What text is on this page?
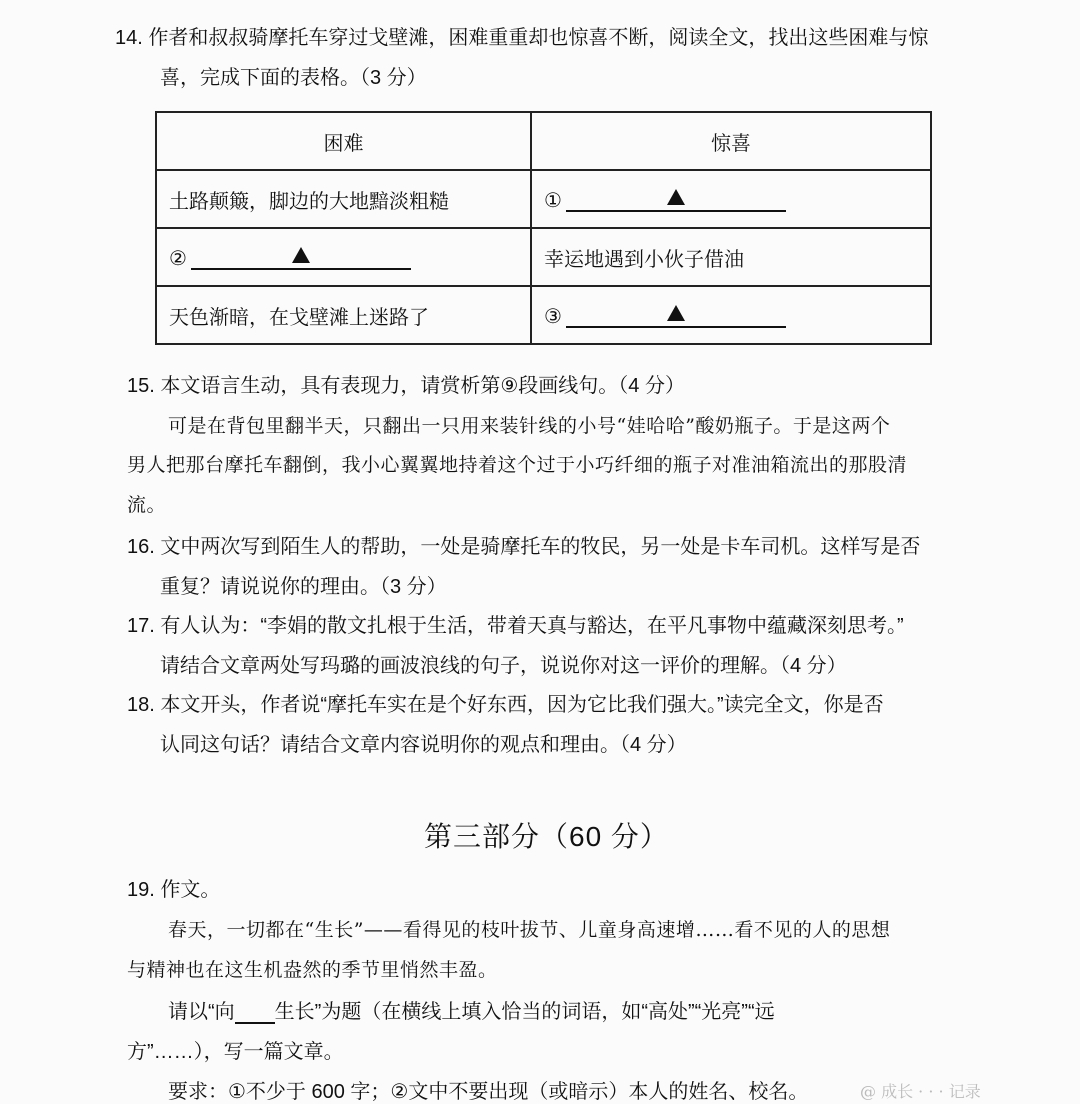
14. 作者和叔叔骑摩托车穿过戈壁滩，困难重重却也惊喜不断，阅读全文，找出这些困难与惊
喜，完成下面的表格。（3 分）
困难	惊喜
土路颠簸，脚边的大地黯淡粗糙	①
②	幸运地遇到小伙子借油
天色渐暗，在戈壁滩上迷路了	③
15. 本文语言生动，具有表现力，请赏析第⑨段画线句。（4 分）
可是在背包里翻半天，只翻出一只用来装针线的小号“娃哈哈”酸奶瓶子。于是这两个
男人把那台摩托车翻倒，我小心翼翼地持着这个过于小巧纤细的瓶子对准油箱流出的那股清
流。
16. 文中两次写到陌生人的帮助，一处是骑摩托车的牧民，另一处是卡车司机。这样写是否
重复？请说说你的理由。（3 分）
17. 有人认为：“李娟的散文扎根于生活，带着天真与豁达，在平凡事物中蕴藏深刻思考。”
请结合文章两处写玛璐的画波浪线的句子，说说你对这一评价的理解。（4 分）
18. 本文开头，作者说“摩托车实在是个好东西，因为它比我们强大。”读完全文，你是否
认同这句话？请结合文章内容说明你的观点和理由。（4 分）
第三部分（60 分）
19. 作文。
春天，一切都在“生长”——看得见的枝叶拔节、儿童身高速增……看不见的人的思想
与精神也在这生机盎然的季节里悄然丰盈。
请以“向 生长”为题（在横线上填入恰当的词语，如“高处”“光亮”“远
方”……），写一篇文章。
要求：①不少于 600 字；②文中不要出现（或暗示）本人的姓名、校名。	@ 成长 · · · 记录
